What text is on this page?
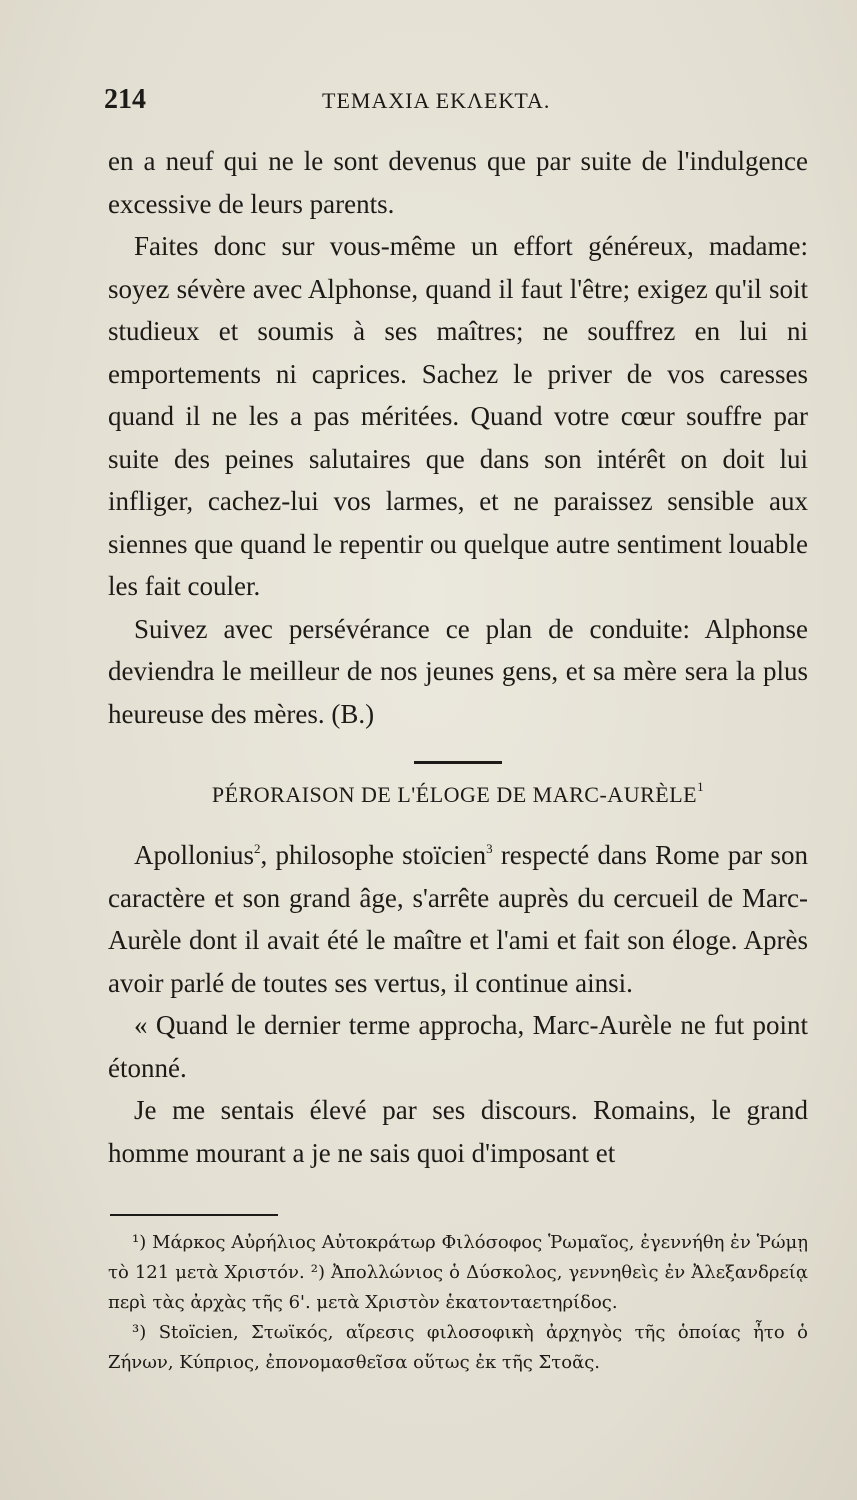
214	ΤΕΜΑΧΙΑ ΕΚΛΕΚΤΑ.

en a neuf qui ne le sont devenus que par suite de l'indulgence excessive de leurs parents.

Faites donc sur vous-même un effort généreux, madame: soyez sévère avec Alphonse, quand il faut l'être; exigez qu'il soit studieux et soumis à ses maîtres; ne souffrez en lui ni emportements ni caprices. Sachez le priver de vos caresses quand il ne les a pas méritées. Quand votre cœur souffre par suite des peines salutaires que dans son intérêt on doit lui infliger, cachez-lui vos larmes, et ne paraissez sensible aux siennes que quand le repentir ou quelque autre sentiment louable les fait couler.

Suivez avec persévérance ce plan de conduite: Alphonse deviendra le meilleur de nos jeunes gens, et sa mère sera la plus heureuse des mères. (B.)

PÉRORAISON DE L'ÉLOGE DE MARC-AURÈLE$^1$

Apollonius$^2$, philosophe stoïcien$^3$ respecté dans Rome par son caractère et son grand âge, s'arrête auprès du cercueil de Marc-Aurèle dont il avait été le maître et l'ami et fait son éloge. Après avoir parlé de toutes ses vertus, il continue ainsi.

« Quand le dernier terme approcha, Marc-Aurèle ne fut point étonné.

Je me sentais élevé par ses discours. Romains, le grand homme mourant a je ne sais quoi d'imposant et

¹) Μάρκος Αὐρήλιος Αὐτοκράτωρ Φιλόσοφος Ῥωμαῖος, ἐγεννήθη ἐν Ῥώμῃ τὸ 121 μετὰ Χριστόν. ²) Ἀπολλώνιος ὁ Δύσκολος, γεννηθεὶς ἐν Ἀλεξανδρείᾳ περὶ τὰς ἀρχὰς τῆς 6'. μετὰ Χριστὸν ἑκατονταετηρίδος.

³) Stoïcien, Στωϊκός, αἵρεσις φιλοσοφικὴ ἀρχηγὸς τῆς ὁποίας ἦτο ὁ Ζήνων, Κύπριος, ἐπονομασθεῖσα οὕτως ἐκ τῆς Στοᾶς.
